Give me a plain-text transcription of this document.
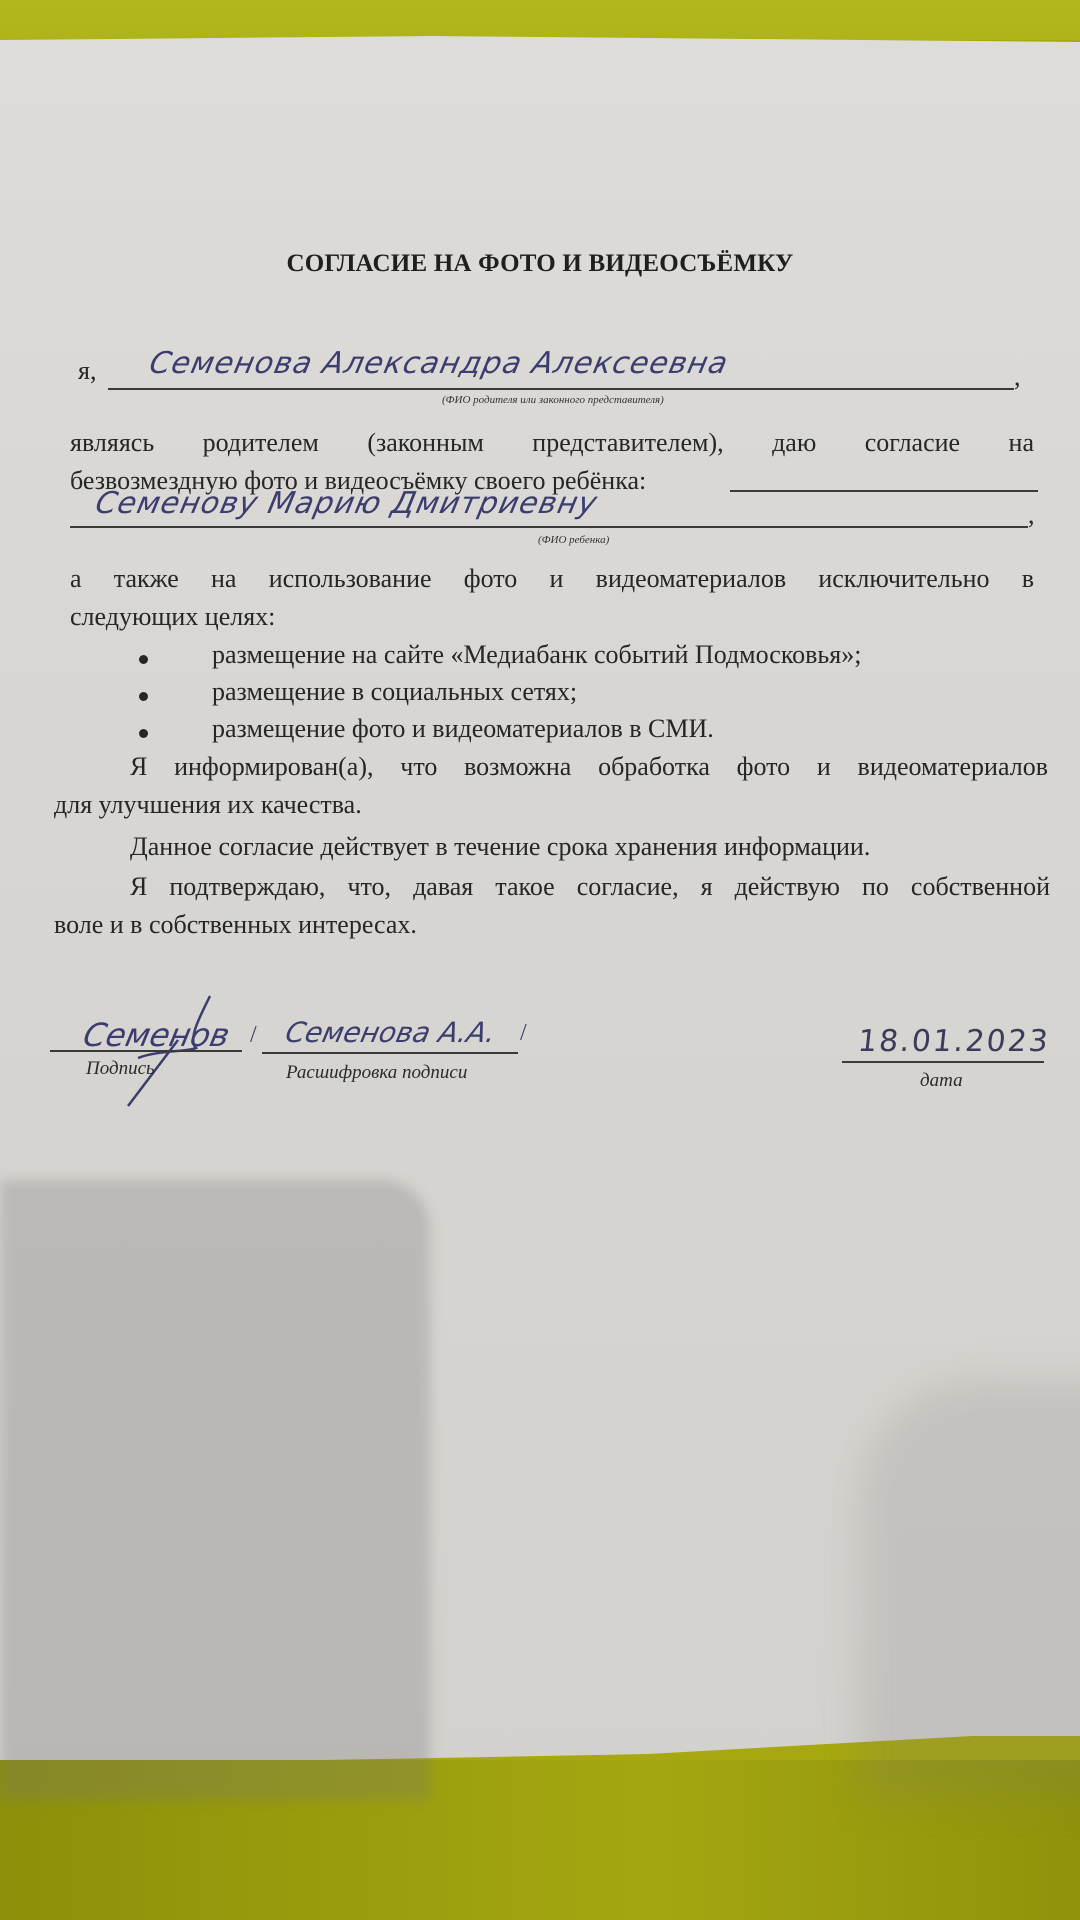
СОГЛАСИЕ НА ФОТО И ВИДЕОСЪЁМКУ
я, Семенова Александра Алексеевна	,
(ФИО родителя или законного представителя)
являясь родителем (законным представителем), даю согласие на
безвозмездную фото и видеосъёмку своего ребёнка:
Семенову Марию Дмитриевну	,
(ФИО ребенка)
а также на использование фото и видеоматериалов исключительно в
следующих целях:
размещение на сайте «Медиабанк событий Подмосковья»;
размещение в социальных сетях;
размещение фото и видеоматериалов в СМИ.
Я информирован(а), что возможна обработка фото и видеоматериалов
для улучшения их качества.
Данное согласие действует в течение срока хранения информации.
Я подтверждаю, что, давая такое согласие, я действую по собственной
воле и в собственных интересах.
Семенов
Подпись
/ Семенова А.А. /
Расшифровка подписи
18.01.2023
дата
